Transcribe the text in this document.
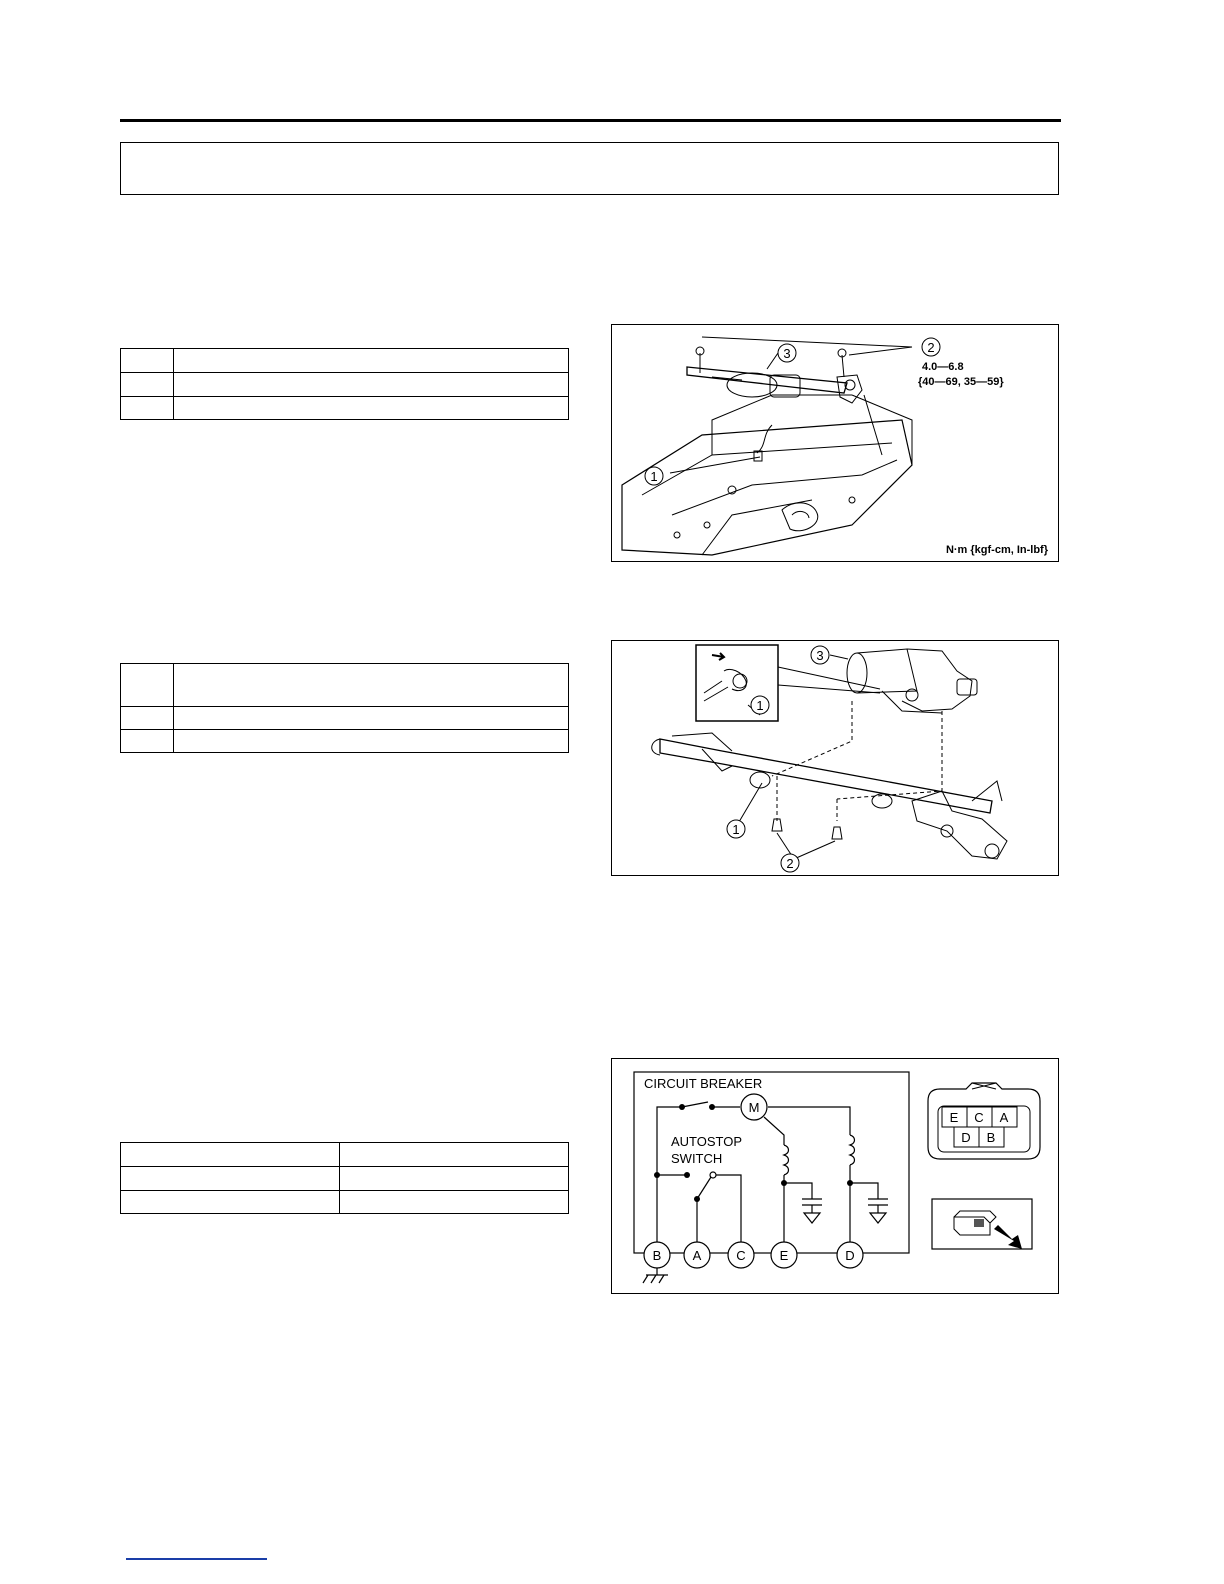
3	2
1
4.0—6.8
{40—69, 35—59}
N·m {kgf-cm, In-lbf}
1
1
2
3
M
CIRCUIT BREAKER
AUTOSTOP
SWITCH
B A	C	E	D
E C A
D B
